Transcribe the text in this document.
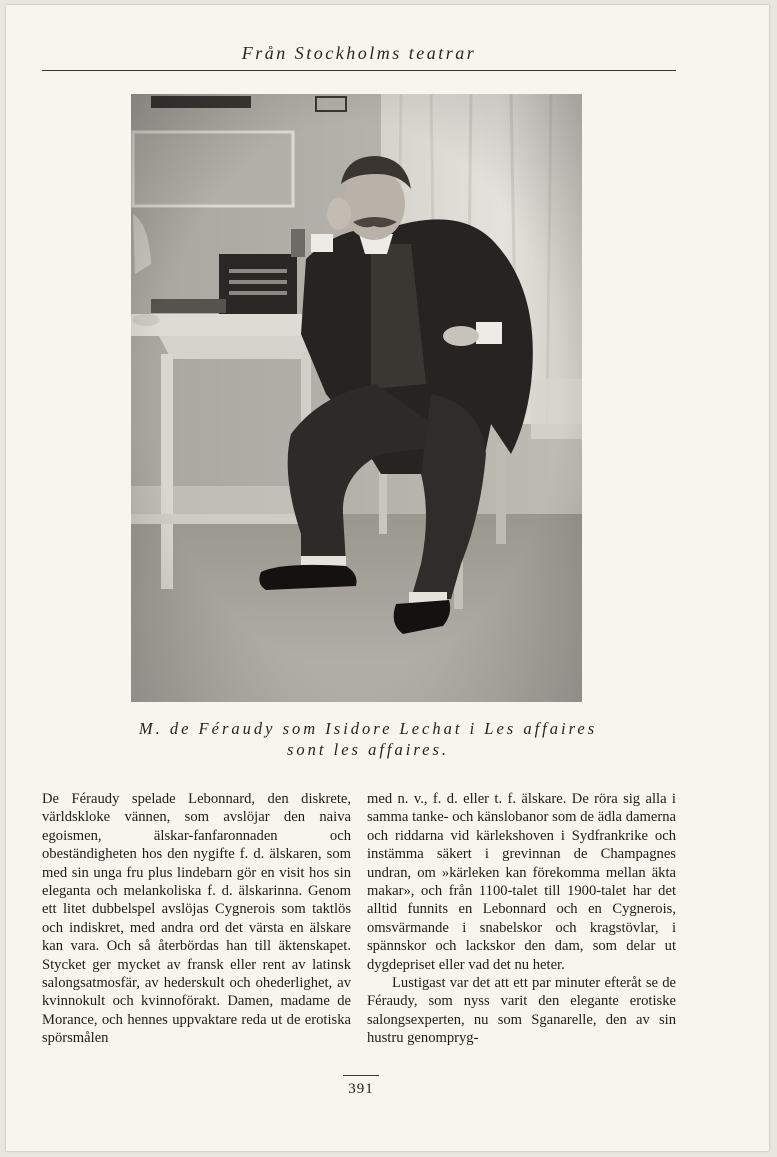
Från Stockholms teatrar
M. de Féraudy som Isidore Lechat i Les affaires
sont les affaires.

De Féraudy spelade Lebonnard, den diskrete, världskloke vännen, som avslöjar den naiva egoismen, älskar-fanfaronnaden och obeständigheten hos den nygifte f. d. älskaren, som med sin unga fru plus lindebarn gör en visit hos sin eleganta och melankoliska f. d. älskarinna. Genom ett litet dubbelspel avslöjas Cygnerois som taktlös och indiskret, med andra ord det värsta en älskare kan vara. Och så återbördas han till äktenskapet. Stycket ger mycket av fransk eller rent av latinsk salongsatmosfär, av hederskult och ohederlighet, av kvinnokult och kvinnoförakt. Damen, madame de Morance, och hennes uppvaktare reda ut de erotiska spörsmålen

med n. v., f. d. eller t. f. älskare. De röra sig alla i samma tanke- och känslobanor som de ädla damerna och riddarna vid kärlekshoven i Sydfrankrike och instämma säkert i grevinnan de Champagnes undran, om »kärleken kan förekomma mellan äkta makar», och från 1100-talet till 1900-talet har det alltid funnits en Lebonnard och en Cygnerois, omsvärmande i snabelskor och kragstövlar, i spännskor och lackskor den dam, som delar ut dygdepriset eller vad det nu heter.

Lustigast var det att ett par minuter efteråt se de Féraudy, som nyss varit den elegante erotiske salongsexperten, nu som Sganarelle, den av sin hustru genompryg-

391
